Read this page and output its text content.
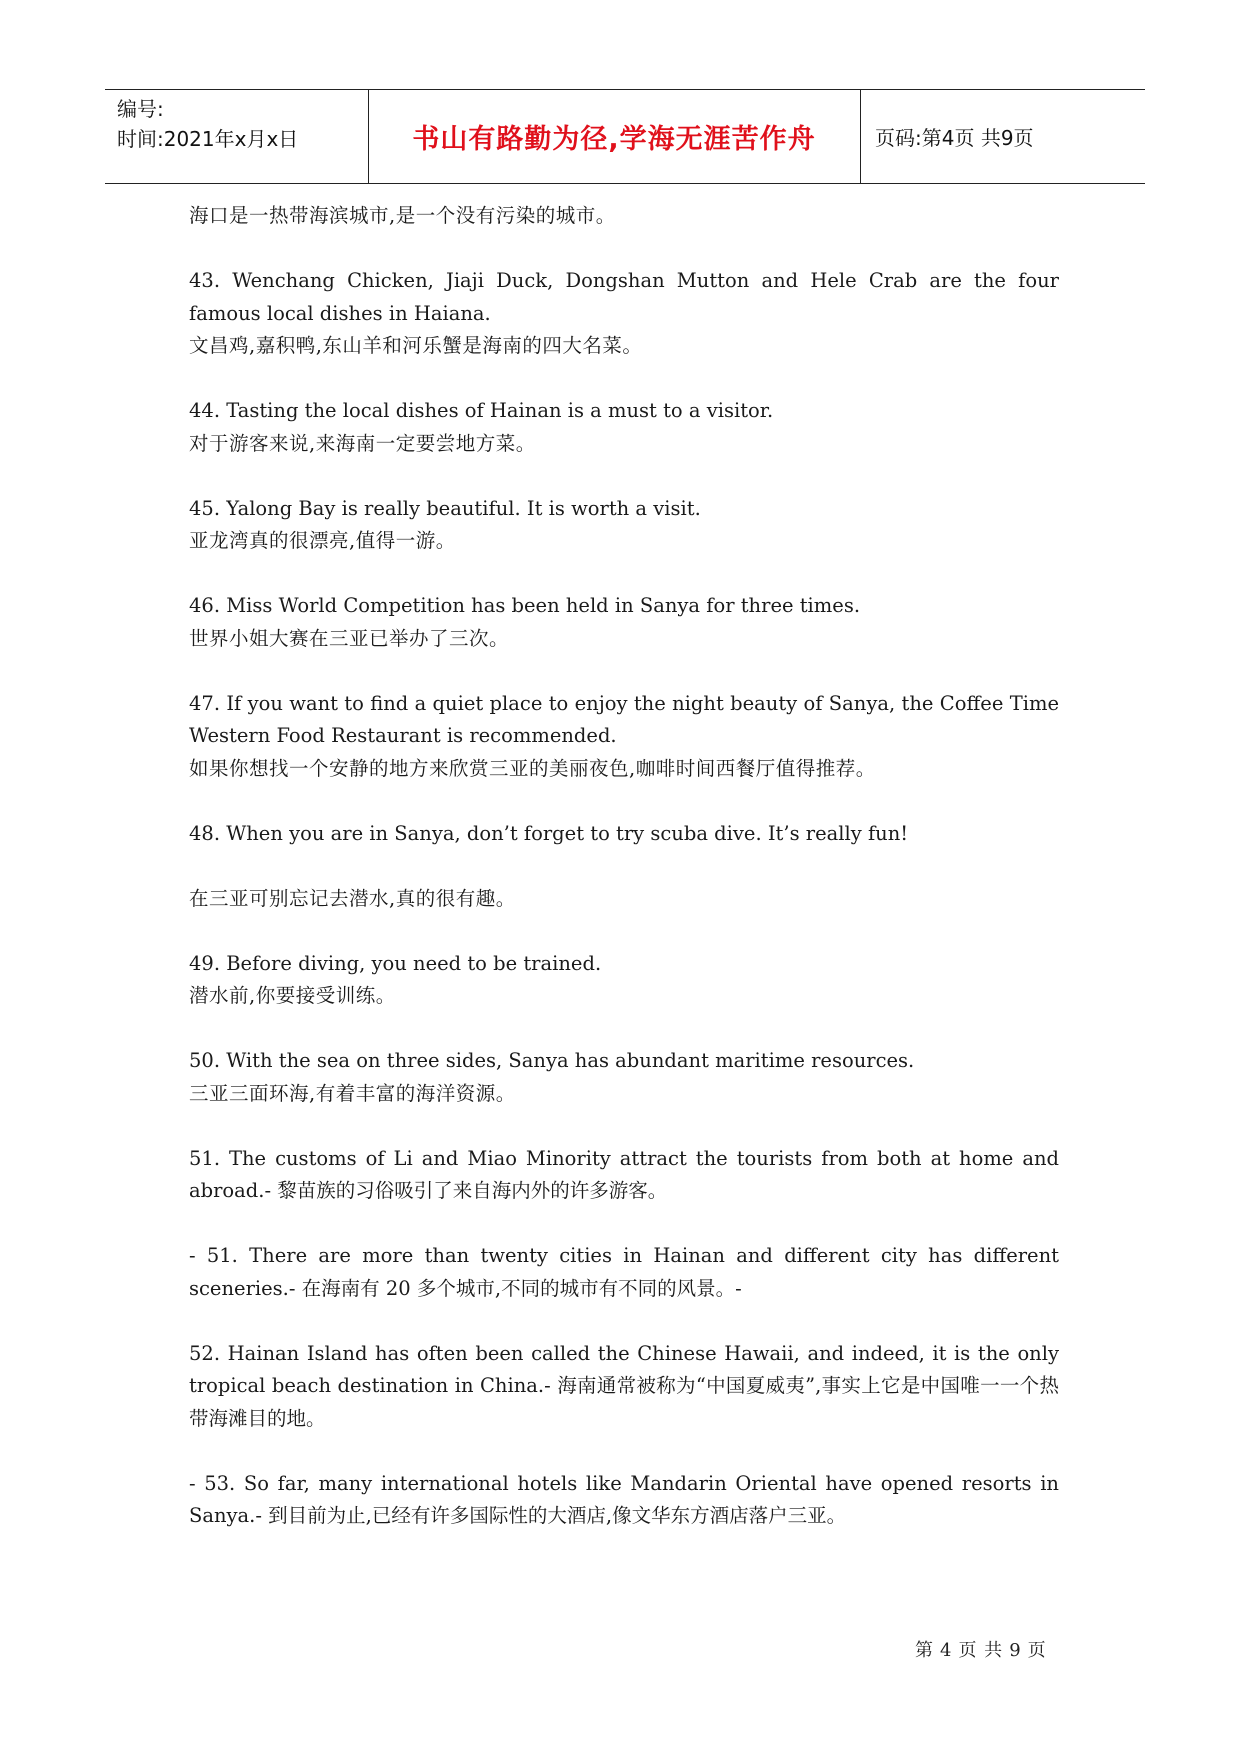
编号:
时间:2021年x月x日	书山有路勤为径,学海无涯苦作舟	页码:第4页 共9页

海口是一热带海滨城市,是一个没有污染的城市。

43. Wenchang Chicken, Jiaji Duck, Dongshan Mutton and Hele Crab are the four famous local dishes in Haiana.
文昌鸡,嘉积鸭,东山羊和河乐蟹是海南的四大名菜。

44. Tasting the local dishes of Hainan is a must to a visitor.
对于游客来说,来海南一定要尝地方菜。

45. Yalong Bay is really beautiful. It is worth a visit.
亚龙湾真的很漂亮,值得一游。

46. Miss World Competition has been held in Sanya for three times.
世界小姐大赛在三亚已举办了三次。

47. If you want to find a quiet place to enjoy the night beauty of Sanya, the Coffee Time Western Food Restaurant is recommended.
如果你想找一个安静的地方来欣赏三亚的美丽夜色,咖啡时间西餐厅值得推荐。

48. When you are in Sanya, don’t forget to try scuba dive. It’s really fun!
在三亚可别忘记去潜水,真的很有趣。

49. Before diving, you need to be trained.
潜水前,你要接受训练。

50. With the sea on three sides, Sanya has abundant maritime resources.
三亚三面环海,有着丰富的海洋资源。

51. The customs of Li and Miao Minority attract the tourists from both at home and abroad.- 黎苗族的习俗吸引了来自海内外的许多游客。

- 51. There are more than twenty cities in Hainan and different city has different sceneries.- 在海南有 20 多个城市,不同的城市有不同的风景。-

52. Hainan Island has often been called the Chinese Hawaii, and indeed, it is the only tropical beach destination in China.- 海南通常被称为“中国夏威夷”,事实上它是中国唯一一个热带海滩目的地。

- 53. So far, many international hotels like Mandarin Oriental have opened resorts in Sanya.- 到目前为止,已经有许多国际性的大酒店,像文华东方酒店落户三亚。

第 4 页 共 9 页
